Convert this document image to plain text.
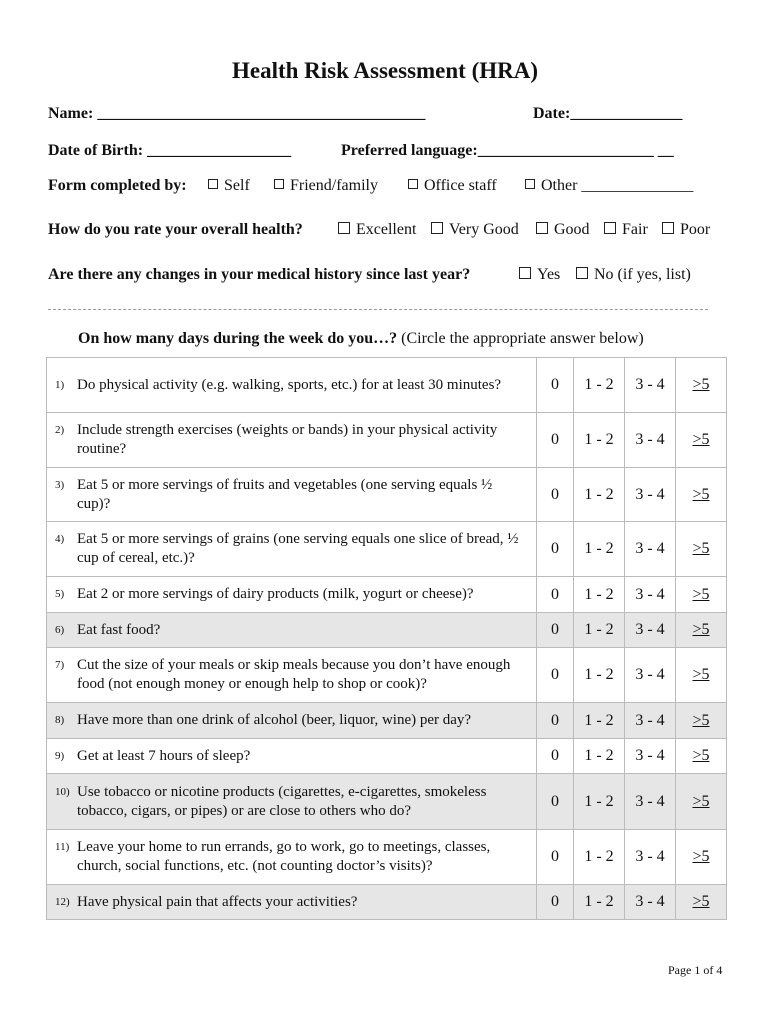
Health Risk Assessment (HRA)
Name: _________________________________________	Date:______________
Date of Birth: __________________	Preferred language:______________________ __
Form completed by:	Self	Friend/family	Office staff	Other ______________
How do you rate your overall health?	Excellent	Very Good	Good	Fair	Poor
Are there any changes in your medical history since last year?	Yes	No (if yes, list)
On how many days during the week do you…? (Circle the appropriate answer below)
1) Do physical activity (e.g. walking, sports, etc.) for at least 30 minutes?	0	1 - 2	3 - 4	>5

2) Include strength exercises (weights or bands) in your physical activity routine?	0	1 - 2	3 - 4	>5

3) Eat 5 or more servings of fruits and vegetables (one serving equals ½ cup)?	0	1 - 2	3 - 4	>5

4) Eat 5 or more servings of grains (one serving equals one slice of bread, ½ cup of cereal, etc.)?	0	1 - 2	3 - 4	>5

5) Eat 2 or more servings of dairy products (milk, yogurt or cheese)?	0	1 - 2	3 - 4	>5

6) Eat fast food?	0	1 - 2	3 - 4	>5

7) Cut the size of your meals or skip meals because you don’t have enough food (not enough money or enough help to shop or cook)?	0	1 - 2	3 - 4	>5

8) Have more than one drink of alcohol (beer, liquor, wine) per day?	0	1 - 2	3 - 4	>5

9) Get at least 7 hours of sleep?	0	1 - 2	3 - 4	>5

10) Use tobacco or nicotine products (cigarettes, e-cigarettes, smokeless tobacco, cigars, or pipes) or are close to others who do?	0	1 - 2	3 - 4	>5

11) Leave your home to run errands, go to work, go to meetings, classes, church, social functions, etc. (not counting doctor’s visits)?	0	1 - 2	3 - 4	>5

12) Have physical pain that affects your activities?	0	1 - 2	3 - 4	>5
Page 1 of 4
